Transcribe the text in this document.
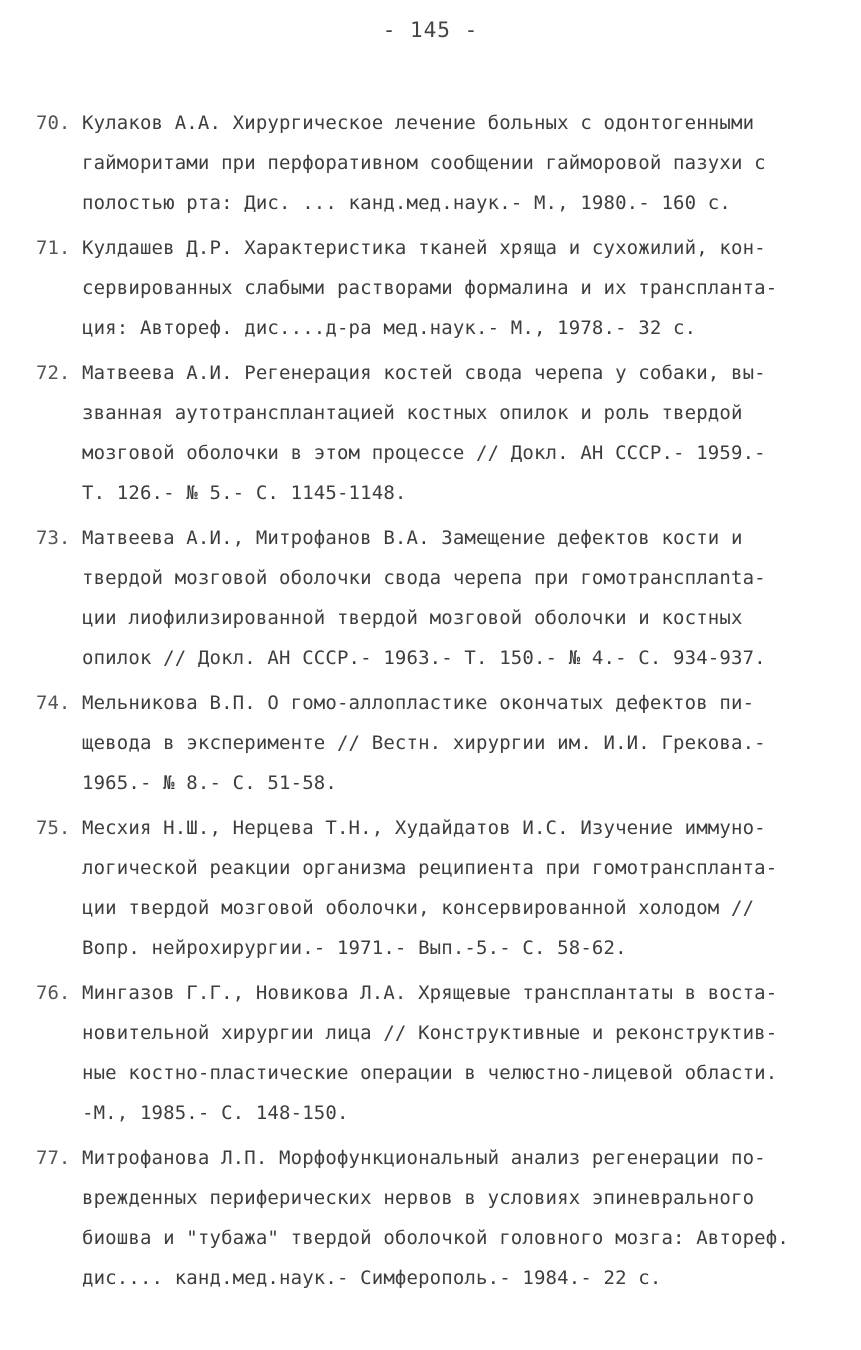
- 145 -
70. Кулаков А.А. Хирургическое лечение больных с одонтогенными
гайморитами при перфоративном сообщении гайморовой пазухи с
полостью рта: Дис. ... канд.мед.наук.- М., 1980.- 160 с.
71. Кулдашев Д.Р. Характеристика тканей хряща и сухожилий, кон-
сервированных слабыми растворами формалина и их транспланта-
ция: Автореф. дис....д-ра мед.наук.- М., 1978.- 32 с.
72. Матвеева А.И. Регенерация костей свода черепа у собаки, вы-
званная аутотрансплантацией костных опилок и роль твердой
мозговой оболочки в этом процессе // Докл. АН СССР.- 1959.-
Т. 126.- № 5.- С. 1145-1148.
73. Матвеева А.И., Митрофанов В.А. Замещение дефектов кости и
твердой мозговой оболочки свода черепа при гомотрансплanta-
ции лиофилизированной твердой мозговой оболочки и костных
опилок // Докл. АН СССР.- 1963.- Т. 150.- № 4.- С. 934-937.
74. Мельникова В.П. О гомо-аллопластике окончатых дефектов пи-
щевода в эксперименте // Вестн. хирургии им. И.И. Грекова.-
1965.- № 8.- С. 51-58.
75. Месхия Н.Ш., Нерцева Т.Н., Худайдатов И.С. Изучение иммуно-
логической реакции организма реципиента при гомотранспланта-
ции твердой мозговой оболочки, консервированной холодом //
Вопр. нейрохирургии.- 1971.- Вып.-5.- С. 58-62.
76. Мингазов Г.Г., Новикова Л.А. Хрящевые трансплантаты в воста-
новительной хирургии лица // Конструктивные и реконструктив-
ные костно-пластические операции в челюстно-лицевой области.
-М., 1985.- С. 148-150.
77. Митрофанова Л.П. Морфофункциональный анализ регенерации по-
врежденных периферических нервов в условиях эпиневрального
биошва и "тубажа" твердой оболочкой головного мозга: Автореф.
дис.... канд.мед.наук.- Симферополь.- 1984.- 22 с.
